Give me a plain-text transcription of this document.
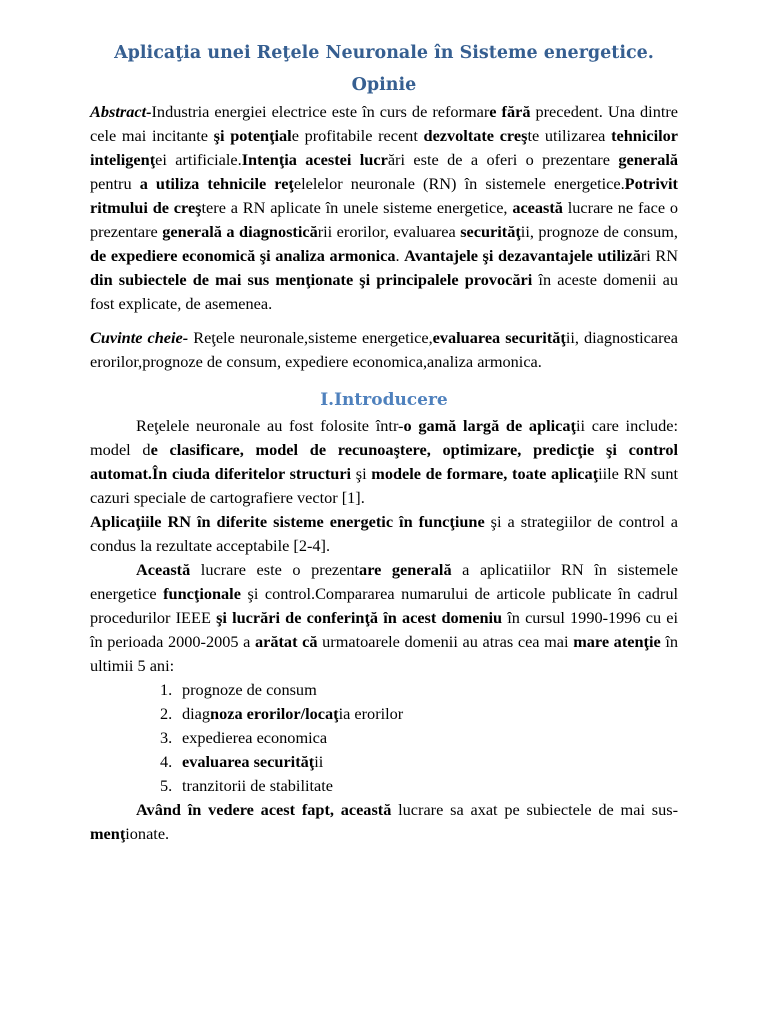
Aplicaţia unei Reţele Neuronale în Sisteme energetice.
Opinie

Abstract-Industria energiei electrice este în curs de reformare fără precedent. Una dintre cele mai incitante şi potenţiale profitabile recent dezvoltate creşte utilizarea tehnicilor inteligenţei artificiale.Intenţia acestei lucrări este de a oferi o prezentare generală pentru a utiliza tehnicile reţelelelor neuronale (RN) în sistemele energetice.Potrivit ritmului de creştere a RN aplicate în unele sisteme energetice, această lucrare ne face o prezentare generală a diagnosticării erorilor, evaluarea securităţii, prognoze de consum, de expediere economică şi analiza armonica. Avantajele şi dezavantajele utilizări RN din subiectele de mai sus menţionate şi principalele provocări în aceste domenii au fost explicate, de asemenea.

Cuvinte cheie- Reţele neuronale,sisteme energetice,evaluarea securităţii, diagnosticarea erorilor,prognoze de consum, expediere economica,analiza armonica.

I.Introducere

Reţelele neuronale au fost folosite într-o gamă largă de aplicaţii care include: model de clasificare, model de recunoaştere, optimizare, predicţie şi control automat.În ciuda diferitelor structuri şi modele de formare, toate aplicaţiile RN sunt cazuri speciale de cartografiere vector [1].

Aplicaţiile RN în diferite sisteme energetic în funcţiune şi a strategiilor de control a condus la rezultate acceptabile [2-4].

Această lucrare este o prezentare generală a aplicatiilor RN în sistemele energetice funcţionale şi control.Compararea numarului de articole publicate în cadrul procedurilor IEEE şi lucrări de conferinţă în acest domeniu în cursul 1990-1996 cu ei în perioada 2000-2005 a arătat că urmatoarele domenii au atras cea mai mare atenţie în ultimii 5 ani:

1. prognoze de consum
2. diagnoza erorilor/locaţia erorilor
3. expedierea economica
4. evaluarea securităţii
5. tranzitorii de stabilitate

Având în vedere acest fapt, această lucrare sa axat pe subiectele de mai sus-menţionate.
